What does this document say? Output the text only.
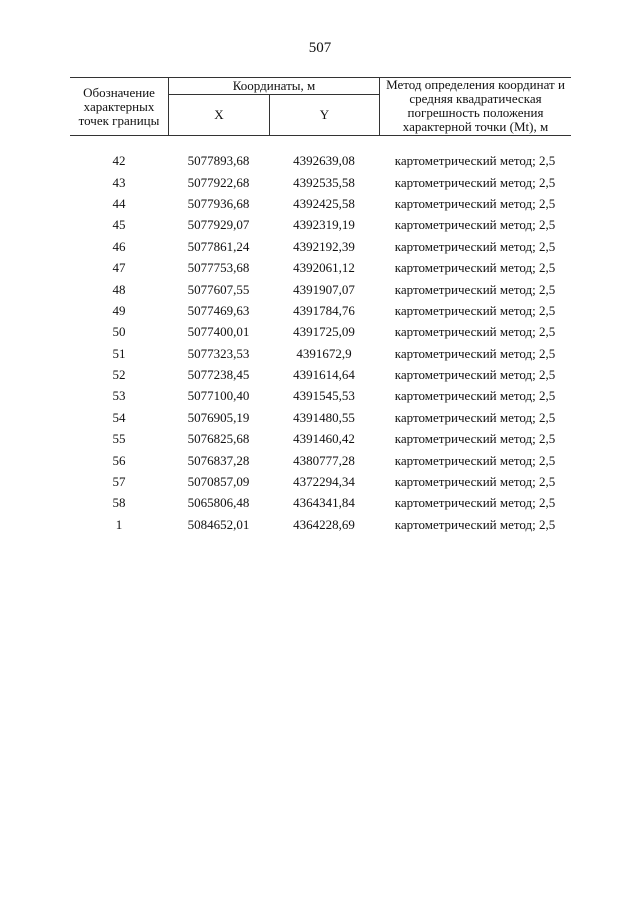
507
Обозначение характерных точек границы
Координаты, м
X	Y
Метод определения координат и средняя квадратическая погрешность положения характерной точки (Mt), м
42	5077893,68	4392639,08	картометрический метод; 2,5
43	5077922,68	4392535,58	картометрический метод; 2,5
44	5077936,68	4392425,58	картометрический метод; 2,5
45	5077929,07	4392319,19	картометрический метод; 2,5
46	5077861,24	4392192,39	картометрический метод; 2,5
47	5077753,68	4392061,12	картометрический метод; 2,5
48	5077607,55	4391907,07	картометрический метод; 2,5
49	5077469,63	4391784,76	картометрический метод; 2,5
50	5077400,01	4391725,09	картометрический метод; 2,5
51	5077323,53	4391672,9	картометрический метод; 2,5
52	5077238,45	4391614,64	картометрический метод; 2,5
53	5077100,40	4391545,53	картометрический метод; 2,5
54	5076905,19	4391480,55	картометрический метод; 2,5
55	5076825,68	4391460,42	картометрический метод; 2,5
56	5076837,28	4380777,28	картометрический метод; 2,5
57	5070857,09	4372294,34	картометрический метод; 2,5
58	5065806,48	4364341,84	картометрический метод; 2,5
1	5084652,01	4364228,69	картометрический метод; 2,5
